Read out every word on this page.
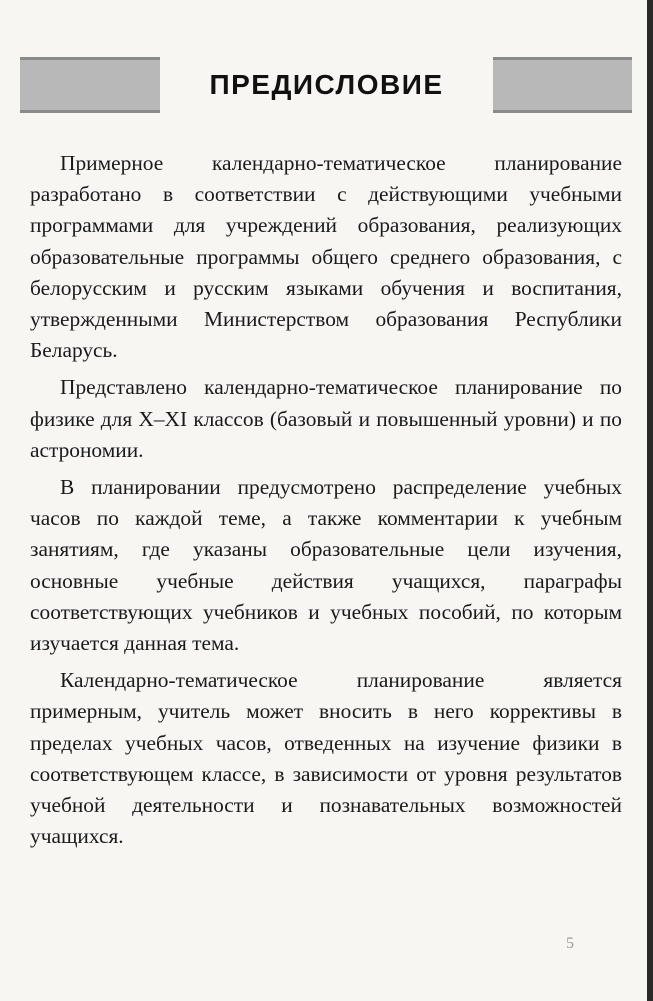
ПРЕДИСЛОВИЕ

Примерное календарно-тематическое планирование разработано в соответствии с действующими учебными программами для учреждений образования, реализующих образовательные программы общего среднего образования, с белорусским и русским языками обучения и воспитания, утвержденными Министерством образования Республики Беларусь.

Представлено календарно-тематическое планирование по физике для X–XI классов (базовый и повышенный уровни) и по астрономии.

В планировании предусмотрено распределение учебных часов по каждой теме, а также комментарии к учебным занятиям, где указаны образовательные цели изучения, основные учебные действия учащихся, параграфы соответствующих учебников и учебных пособий, по которым изучается данная тема.

Календарно-тематическое планирование является примерным, учитель может вносить в него коррективы в пределах учебных часов, отведенных на изучение физики в соответствующем классе, в зависимости от уровня результатов учебной деятельности и познавательных возможностей учащихся.

5
